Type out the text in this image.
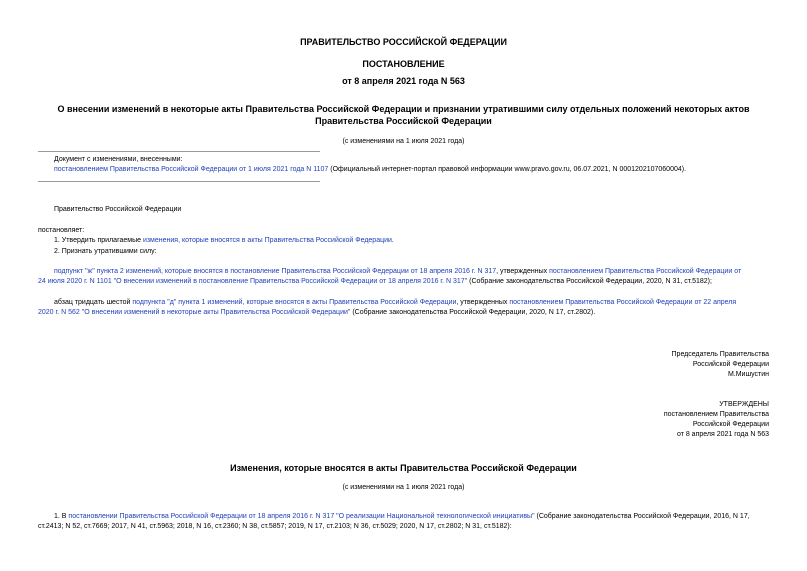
ПРАВИТЕЛЬСТВО РОССИЙСКОЙ ФЕДЕРАЦИИ
ПОСТАНОВЛЕНИЕ
от 8 апреля 2021 года N 563
О внесении изменений в некоторые акты Правительства Российской Федерации и признании утратившими силу отдельных положений некоторых актов
Правительства Российской Федерации
(с изменениями на 1 июля 2021 года)
Документ с изменениями, внесенными:
постановлением Правительства Российской Федерации от 1 июля 2021 года N 1107 (Официальный интернет-портал правовой информации www.pravo.gov.ru, 06.07.2021, N 0001202107060004).
Правительство Российской Федерации
постановляет:
1. Утвердить прилагаемые изменения, которые вносятся в акты Правительства Российской Федерации.
2. Признать утратившими силу:
подпункт "ж" пункта 2 изменений, которые вносятся в постановление Правительства Российской Федерации от 18 апреля 2016 г. N 317, утвержденных постановлением Правительства Российской Федерации от
24 июля 2020 г. N 1101 "О внесении изменений в постановление Правительства Российской Федерации от 18 апреля 2016 г. N 317" (Собрание законодательства Российской Федерации, 2020, N 31, ст.5182);
абзац тридцать шестой подпункта "д" пункта 1 изменений, которые вносятся в акты Правительства Российской Федерации, утвержденных постановлением Правительства Российской Федерации от 22 апреля
2020 г. N 562 "О внесении изменений в некоторые акты Правительства Российской Федерации" (Собрание законодательства Российской Федерации, 2020, N 17, ст.2802).
Председатель Правительства
Российской Федерации
М.Мишустин
УТВЕРЖДЕНЫ
постановлением Правительства
Российской Федерации
от 8 апреля 2021 года N 563
Изменения, которые вносятся в акты Правительства Российской Федерации
(с изменениями на 1 июля 2021 года)
1. В постановлении Правительства Российской Федерации от 18 апреля 2016 г. N 317 "О реализации Национальной технологической инициативы" (Собрание законодательства Российской Федерации, 2016, N 17,
ст.2413; N 52, ст.7669; 2017, N 41, ст.5963; 2018, N 16, ст.2360; N 38, ст.5857; 2019, N 17, ст.2103; N 36, ст.5029; 2020, N 17, ст.2802; N 31, ст.5182):
